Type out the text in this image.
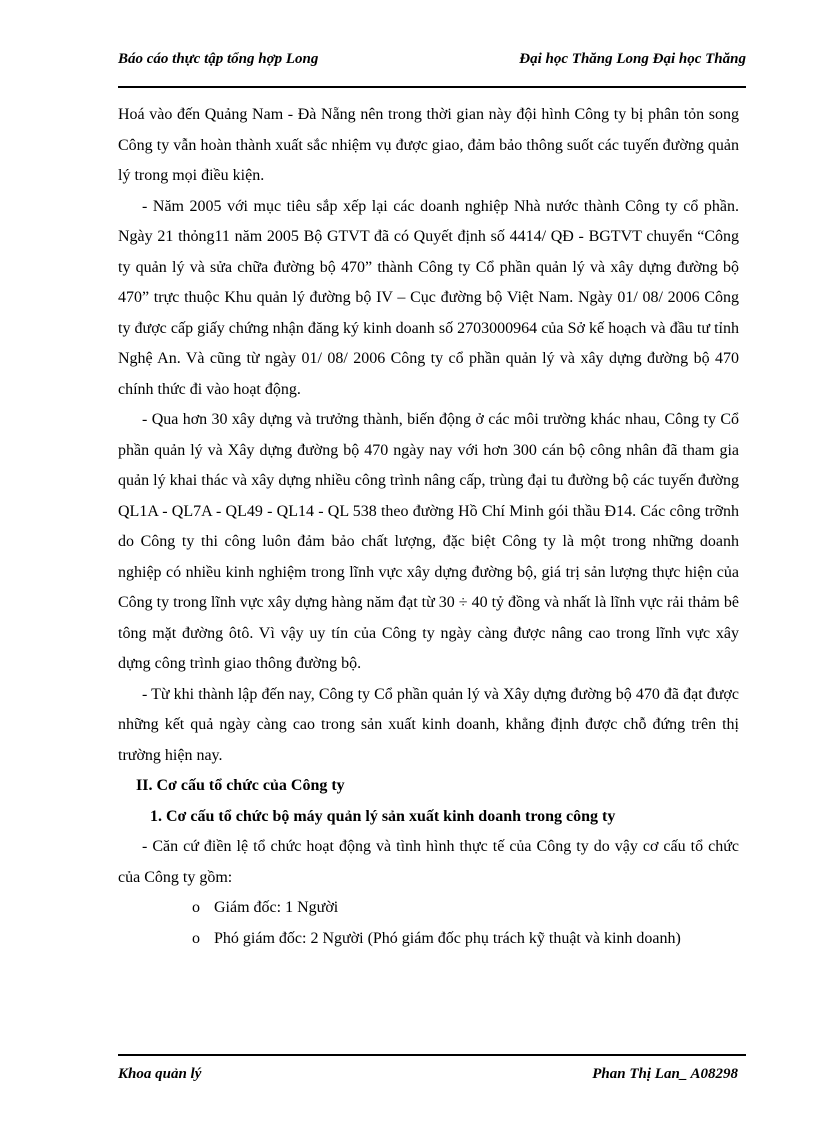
Báo cáo thực tập tổng hợp Long	Đại học Thăng Long Đại học Thăng

Hoá vào đến Quảng Nam - Đà Nẵng nên trong thời gian này đội hình Công ty bị phân tỏn song Công ty vẫn hoàn thành xuất sắc nhiệm vụ được giao, đảm bảo thông suốt các tuyến đường quản lý trong mọi điều kiện.

- Năm 2005 với mục tiêu sắp xếp lại các doanh nghiệp Nhà nước thành Công ty cổ phần. Ngày 21 thỏng11 năm 2005 Bộ GTVT đã có Quyết định số 4414/ QĐ - BGTVT chuyển “Công ty quản lý và sửa chữa đường bộ 470” thành Công ty Cổ phần quản lý và xây dựng đường bộ 470” trực thuộc Khu quản lý đường bộ IV – Cục đường bộ Việt Nam. Ngày 01/ 08/ 2006 Công ty được cấp giấy chứng nhận đăng ký kinh doanh số 2703000964 của Sở kế hoạch và đầu tư tỉnh Nghệ An. Và cũng từ ngày 01/ 08/ 2006 Công ty cổ phần quản lý và xây dựng đường bộ 470 chính thức đi vào hoạt động.

- Qua hơn 30 xây dựng và trưởng thành, biến động ở các môi trường khác nhau, Công ty Cổ phần quản lý và Xây dựng đường bộ 470 ngày nay với hơn 300 cán bộ công nhân đã tham gia quản lý khai thác và xây dựng nhiều công trình nâng cấp, trùng đại tu đường bộ các tuyến đường QL1A - QL7A - QL49 - QL14 - QL 538 theo đường Hồ Chí Minh gói thầu Đ14. Các công trỡnh do Công ty thi công luôn đảm bảo chất lượng, đặc biệt Công ty là một trong những doanh nghiệp có nhiều kinh nghiệm trong lĩnh vực xây dựng đường bộ, giá trị sản lượng thực hiện của Công ty trong lĩnh vực xây dựng hàng năm đạt từ 30 ÷ 40 tỷ đồng và nhất là lĩnh vực rải thảm bê tông mặt đường ôtô. Vì vậy uy tín của Công ty ngày càng được nâng cao trong lĩnh vực xây dựng công trình giao thông đường bộ.

- Từ khi thành lập đến nay, Công ty Cổ phần quản lý và Xây dựng đường bộ 470 đã đạt được những kết quả ngày càng cao trong sản xuất kinh doanh, khẳng định được chỗ đứng trên thị trường hiện nay.

II. Cơ cấu tổ chức của Công ty

1. Cơ cấu tổ chức bộ máy quản lý sản xuất kinh doanh trong công ty

- Căn cứ điền lệ tổ chức hoạt động và tình hình thực tế của Công ty do vậy cơ cấu tổ chức của Công ty gồm:

o Giám đốc: 1 Người

o Phó giám đốc: 2 Người (Phó giám đốc phụ trách kỹ thuật và kinh doanh)

Khoa quản lý	Phan Thị Lan_ A08298
